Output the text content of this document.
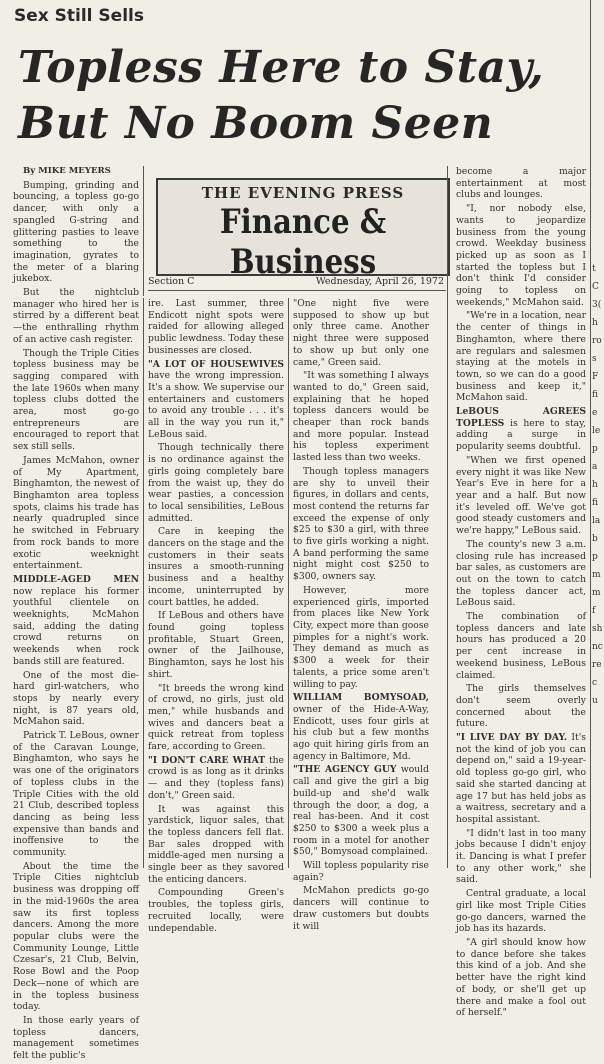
Sex Still Sells
Topless Here to Stay,
But No Boom Seen
THE EVENING PRESS
Finance & Business
Section C	Wednesday, April 26, 1972

By MIKE MEYERS

Bumping, grinding and bouncing, a topless go-go dancer, with only a spangled G-string and glittering pasties to leave something to the imagination, gyrates to the meter of a blaring jukebox.

But the nightclub manager who hired her is stirred by a different beat—the enthralling rhythm of an active cash register.

Though the Triple Cities topless business may be sagging compared with the late 1960s when many topless clubs dotted the area, most go-go entrepreneurs are encouraged to report that sex still sells.

James McMahon, owner of My Apartment, Binghamton, the newest of Binghamton area topless spots, claims his trade has nearly quadrupled since he switched in February from rock bands to more exotic weeknight entertainment.

MIDDLE-AGED MEN now replace his former youthful clientele on weeknights, McMahon said, adding the dating crowd returns on weekends when rock bands still are featured.

One of the most die-hard girl-watchers, who stops by nearly every night, is 87 years old, McMahon said.

Patrick T. LeBous, owner of the Caravan Lounge, Binghamton, who says he was one of the originators of topless clubs in the Triple Cities with the old 21 Club, described topless dancing as being less expensive than bands and inoffensive to the community.

About the time the Triple Cities nightclub business was dropping off in the mid-1960s the area saw its first topless dancers. Among the more popular clubs were the Community Lounge, Little Czesar's, 21 Club, Belvin, Rose Bowl and the Poop Deck—none of which are in the topless business today.

In those early years of topless dancers, management sometimes felt the public's

ire. Last summer, three Endicott night spots were raided for allowing alleged public lewdness. Today these businesses are closed.

"A LOT OF HOUSEWIVES have the wrong impression. It's a show. We supervise our entertainers and customers to avoid any trouble . . . it's all in the way you run it," LeBous said.

Though technically there is no ordinance against the girls going completely bare from the waist up, they do wear pasties, a concession to local sensibilities, LeBous admitted.

Care in keeping the dancers on the stage and the customers in their seats insures a smooth-running business and a healthy income, uninterrupted by court battles, he added.

If LeBous and others have found going topless profitable, Stuart Green, owner of the Jailhouse, Binghamton, says he lost his shirt.

"It breeds the wrong kind of crowd, no girls, just old men," while husbands and wives and dancers beat a quick retreat from topless fare, according to Green.

"I DON'T CARE WHAT the crowd is as long as it drinks — and they (topless fans) don't," Green said.

It was against this yardstick, liquor sales, that the topless dancers fell flat. Bar sales dropped with middle-aged men nursing a single beer as they savored the enticing dancers.

Compounding Green's troubles, the topless girls, recruited locally, were undependable.

"One night five were supposed to show up but only three came. Another night three were supposed to show up but only one came," Green said.

"It was something I always wanted to do," Green said, explaining that he hoped topless dancers would be cheaper than rock bands and more popular. Instead his topless experiment lasted less than two weeks.

Though topless managers are shy to unveil their figures, in dollars and cents, most contend the returns far exceed the expense of only $25 to $30 a girl, with three to five girls working a night. A band performing the same night might cost $250 to $300, owners say.

However, more experienced girls, imported from places like New York City, expect more than goose pimples for a night's work. They demand as much as $300 a week for their talents, a price some aren't willing to pay.

WILLIAM BOMYSOAD, owner of the Hide-A-Way, Endicott, uses four girls at his club but a few months ago quit hiring girls from an agency in Baltimore, Md.

"THE AGENCY GUY would call and give the girl a big build-up and she'd walk through the door, a dog, a real has-been. And it cost $250 to $300 a week plus a room in a motel for another $50," Bomysoad complained.

Will topless popularity rise again?

McMahon predicts go-go dancers will continue to draw customers but doubts it will

become a major entertainment at most clubs and lounges.

"I, nor nobody else, wants to jeopardize business from the young crowd. Weekday business picked up as soon as I started the topless but I don't think I'd consider going to topless on weekends," McMahon said.

"We're in a location, near the center of things in Binghamton, where there are regulars and salesmen staying at the motels in town, so we can do a good business and keep it," McMahon said.

LeBOUS AGREES TOPLESS is here to stay, adding a surge in popularity seems doubtful.

"When we first opened every night it was like New Year's Eve in here for a year and a half. But now it's leveled off. We've got good steady customers and we're happy," LeBous said.

The county's new 3 a.m. closing rule has increased bar sales, as customers are out on the town to catch the topless dancer act, LeBous said.

The combination of topless dancers and late hours has produced a 20 per cent increase in weekend business, LeBous claimed.

The girls themselves don't seem overly concerned about the future.

"I LIVE DAY BY DAY. It's not the kind of job you can depend on," said a 19-year-old topless go-go girl, who said she started dancing at age 17 but has held jobs as a waitress, secretary and a hospital assistant.

"I didn't last in too many jobs because I didn't enjoy it. Dancing is what I prefer to any other work," she said.

Central graduate, a local girl like most Triple Cities go-go dancers, warned the job has its hazards.

"A girl should know how to dance before she takes this kind of a job. And she better have the right kind of body, or she'll get up there and make a fool out of herself."

t
C
3(
h
ro
s
F
fi
e
le
p
a
h
fi
la
b
p
m
m
f
sh
nc
re
c
u
